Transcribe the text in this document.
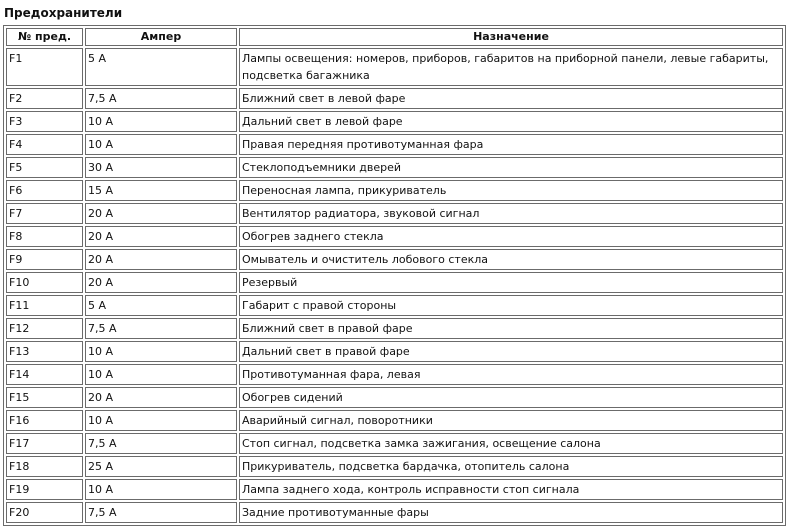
Предохранители
№ пред.	Ампер	Назначение
F1	5 А	Лампы освещения: номеров, приборов, габаритов на приборной панели, левые габариты, подсветка багажника
F2	7,5 А	Ближний свет в левой фаре
F3	10 А	Дальний свет в левой фаре
F4	10 А	Правая передняя противотуманная фара
F5	30 А	Стеклоподъемники дверей
F6	15 А	Переносная лампа, прикуриватель
F7	20 А	Вентилятор радиатора, звуковой сигнал
F8	20 А	Обогрев заднего стекла
F9	20 А	Омыватель и очиститель лобового стекла
F10	20 А	Резервый
F11	5 А	Габарит с правой стороны
F12	7,5 А	Ближний свет в правой фаре
F13	10 А	Дальний свет в правой фаре
F14	10 А	Противотуманная фара, левая
F15	20 А	Обогрев сидений
F16	10 А	Аварийный сигнал, поворотники
F17	7,5 А	Стоп сигнал, подсветка замка зажигания, освещение салона
F18	25 А	Прикуриватель, подсветка бардачка, отопитель салона
F19	10 А	Лампа заднего хода, контроль исправности стоп сигнала
F20	7,5 А	Задние противотуманные фары
